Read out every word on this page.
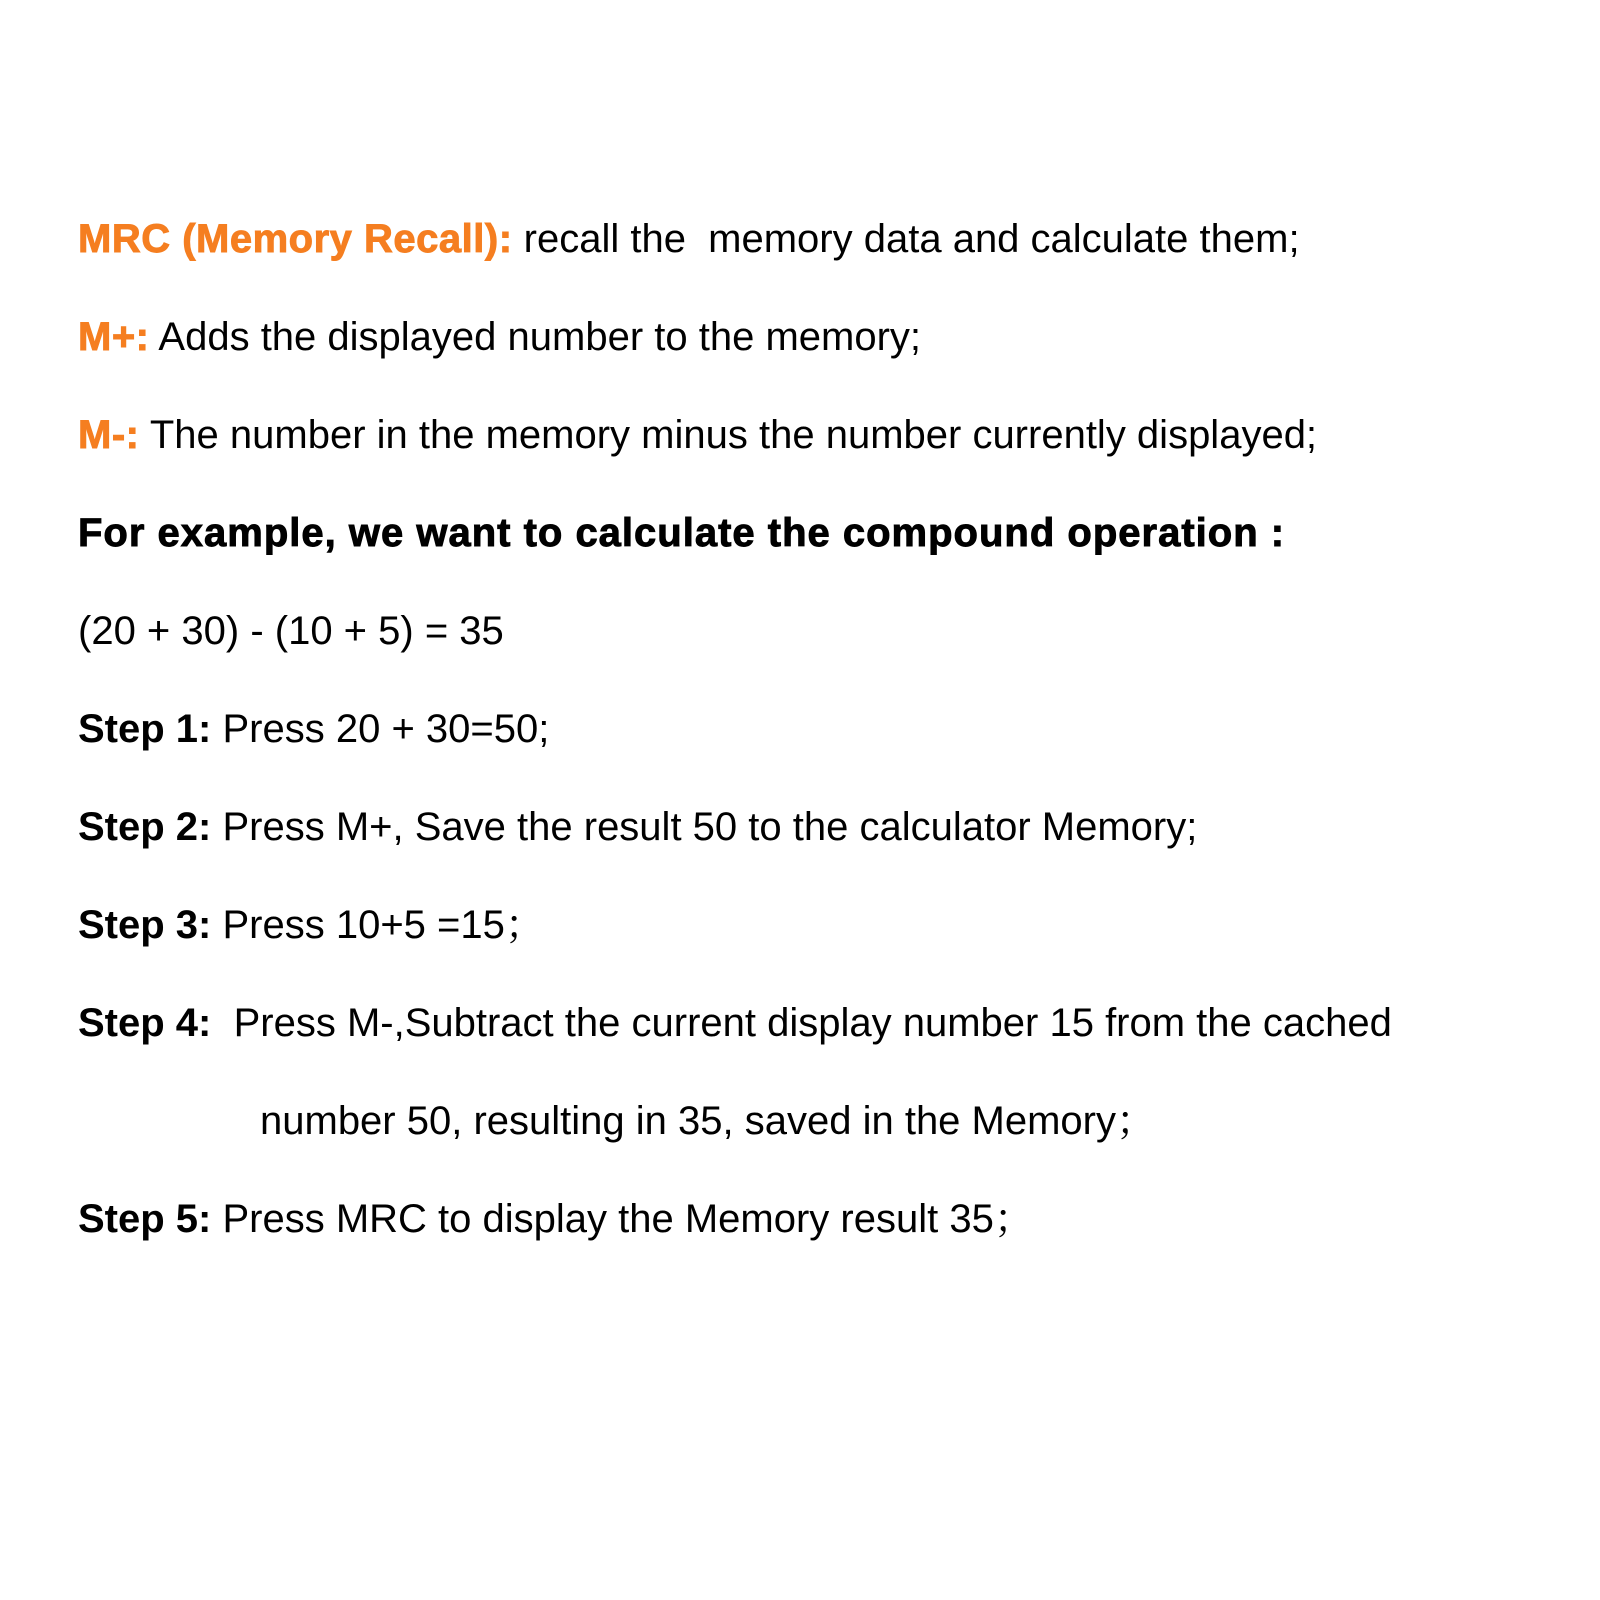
MRC (Memory Recall): recall the  memory data and calculate them;
M+: Adds the displayed number to the memory;
M-: The number in the memory minus the number currently displayed;
For example, we want to calculate the compound operation :
(20 + 30) - (10 + 5) = 35
Step 1: Press 20 + 30=50;
Step 2: Press M+, Save the result 50 to the calculator Memory;
Step 3: Press 10+5 =15；
Step 4: Press M-,Subtract the current display number 15 from the cached
number 50, resulting in 35, saved in the Memory；
Step 5: Press MRC to display the Memory result 35；
